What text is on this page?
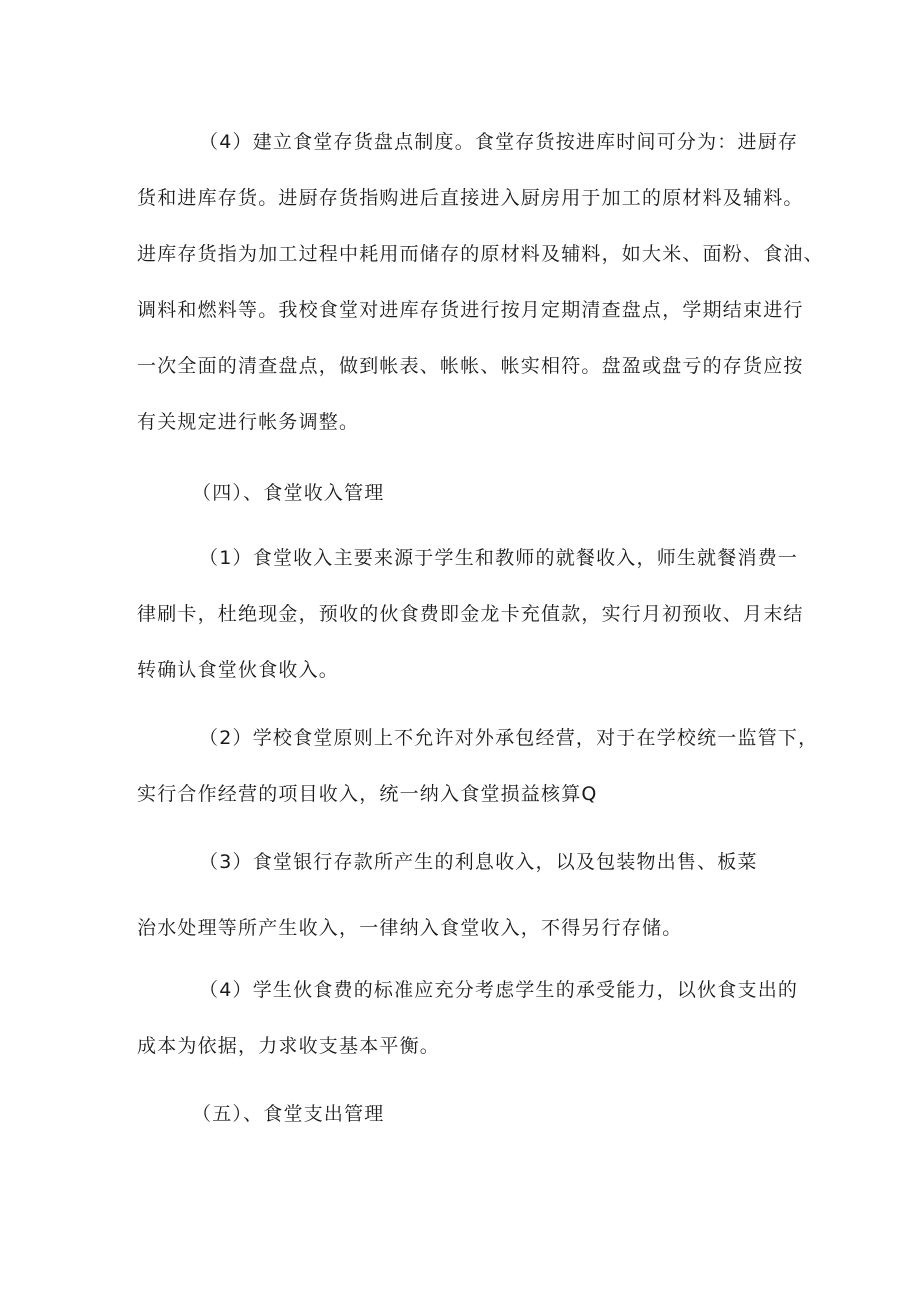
（4）建立食堂存货盘点制度。食堂存货按进库时间可分为：进厨存
货和进库存货。进厨存货指购进后直接进入厨房用于加工的原材料及辅料。
进库存货指为加工过程中耗用而储存的原材料及辅料，如大米、面粉、食油、
调料和燃料等。我校食堂对进库存货进行按月定期清查盘点，学期结束进行
一次全面的清查盘点，做到帐表、帐帐、帐实相符。盘盈或盘亏的存货应按
有关规定进行帐务调整。
（四）、食堂收入管理
（1）食堂收入主要来源于学生和教师的就餐收入，师生就餐消费一
律刷卡，杜绝现金，预收的伙食费即金龙卡充值款，实行月初预收、月末结
转确认食堂伙食收入。
（2）学校食堂原则上不允许对外承包经营，对于在学校统一监管下，
实行合作经营的项目收入，统一纳入食堂损益核算Q
（3）食堂银行存款所产生的利息收入，以及包装物出售、板菜
治水处理等所产生收入，一律纳入食堂收入，不得另行存储。
（4）学生伙食费的标准应充分考虑学生的承受能力，以伙食支出的
成本为依据，力求收支基本平衡。
（五）、食堂支出管理
